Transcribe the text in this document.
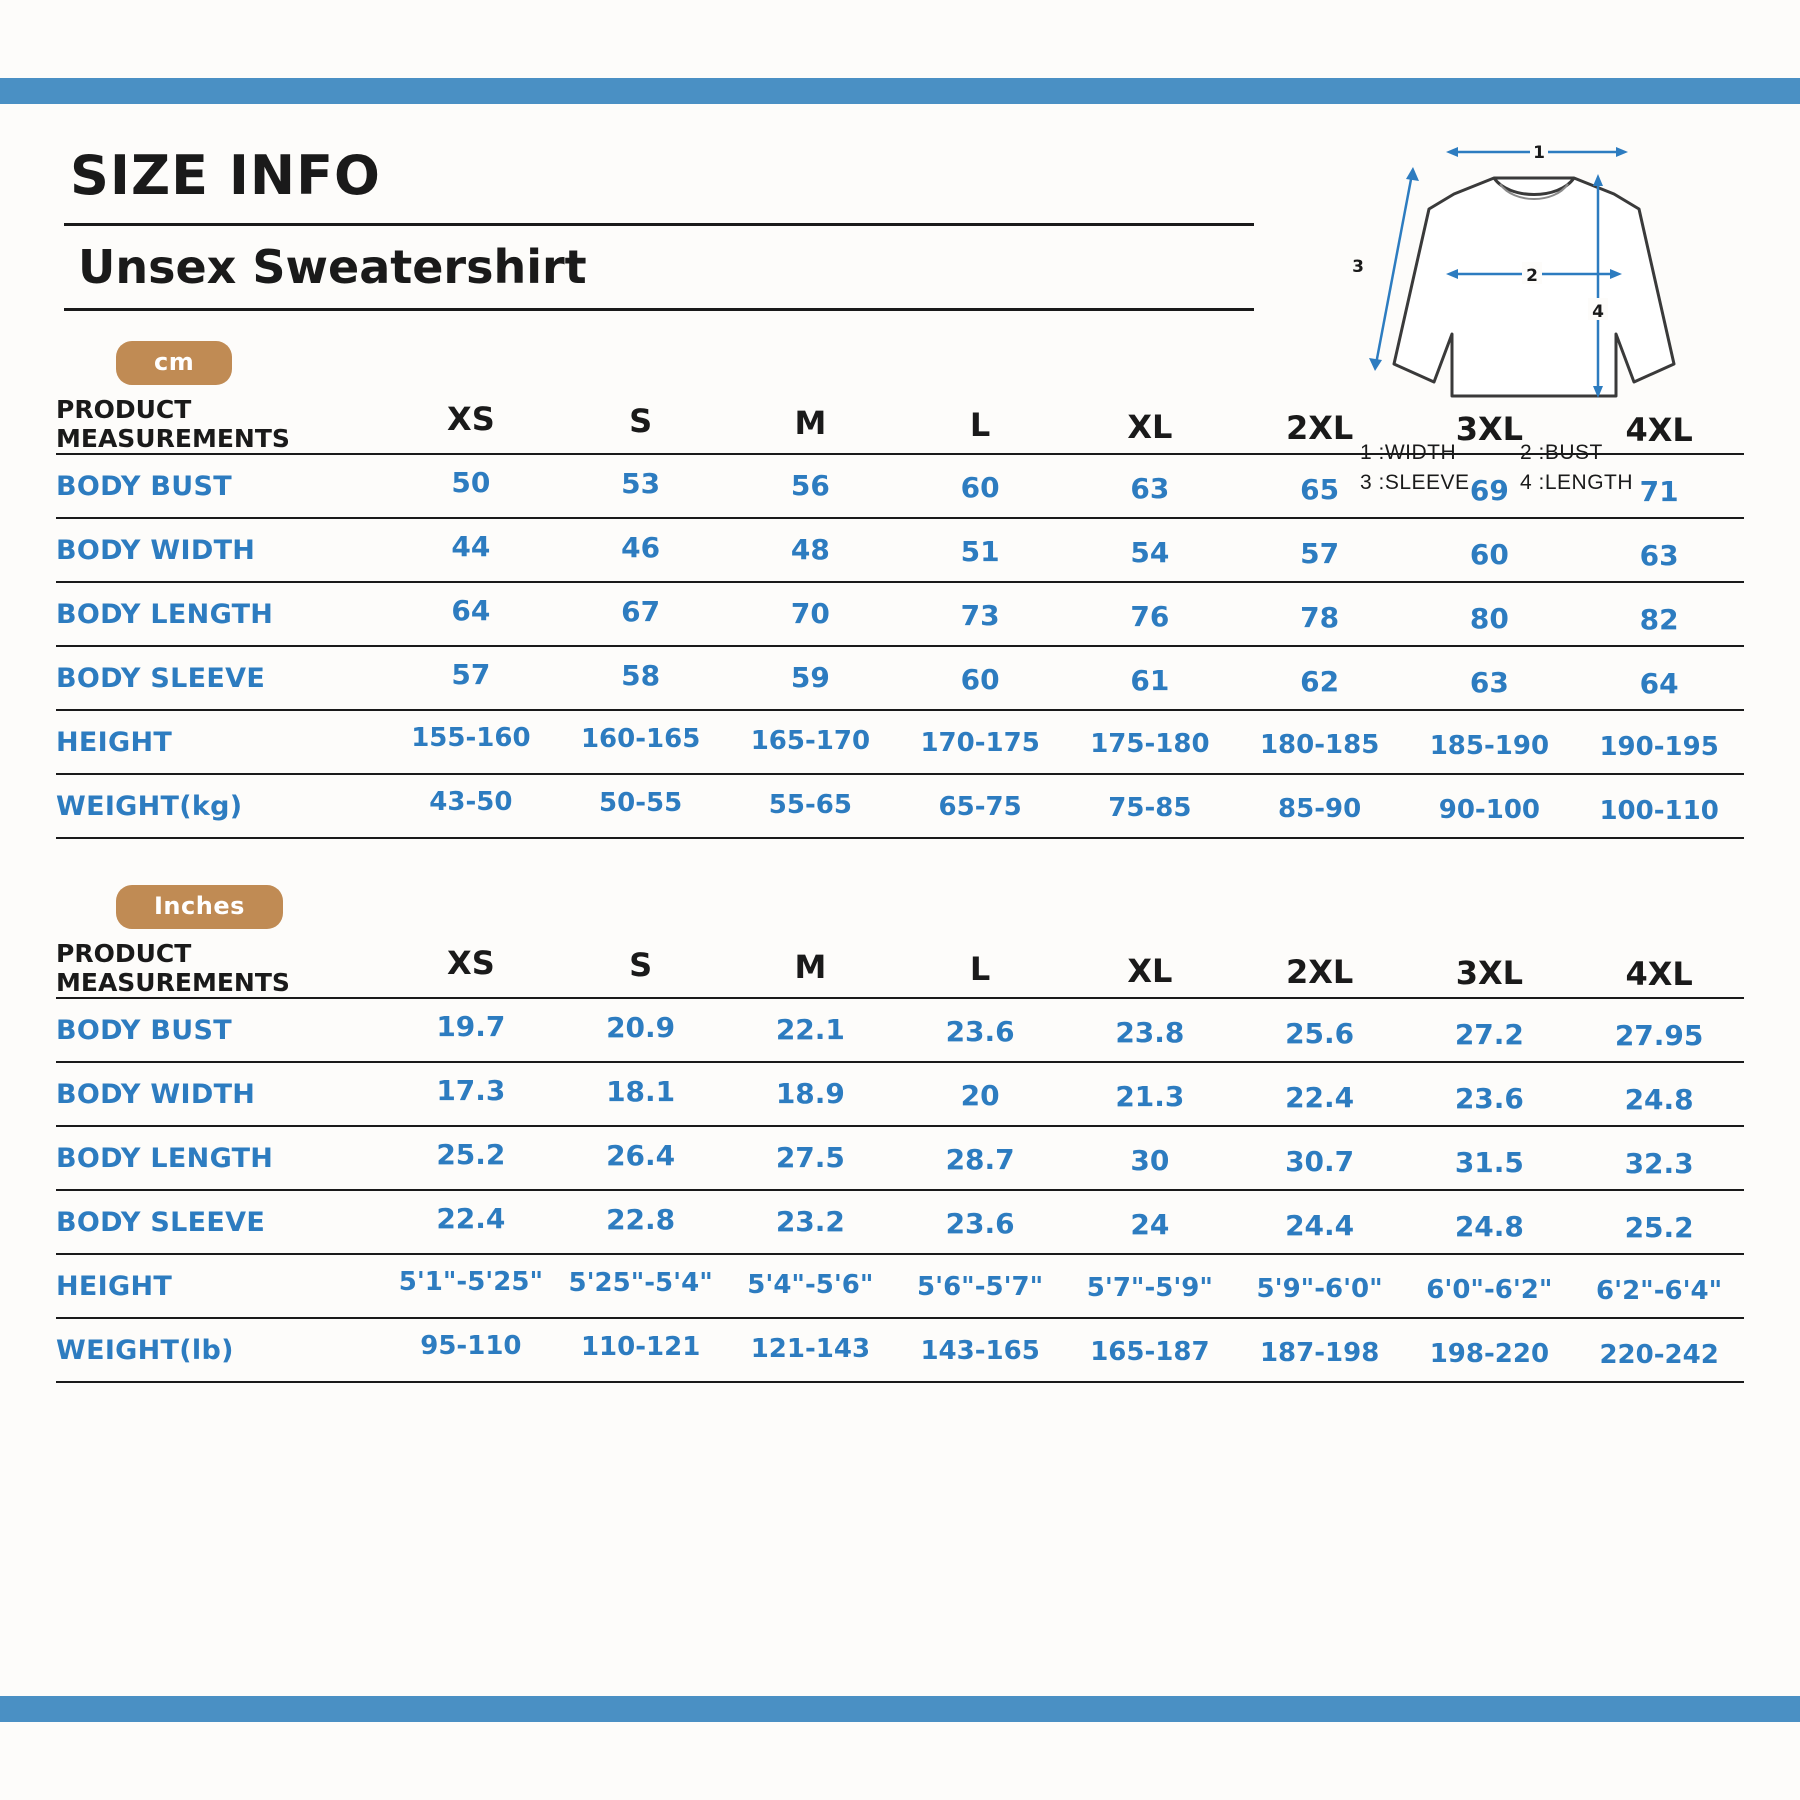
SIZE INFO
Unsex Sweatershirt
1
2
3
4
1 :WIDTH	2 :BUST
3 :SLEEVE	4 :LENGTH
cm
PRODUCT MEASUREMENTS	XS	S	M	L	XL	2XL	3XL	4XL
BODY BUST	50	53	56	60	63	65	69	71
BODY WIDTH	44	46	48	51	54	57	60	63
BODY LENGTH	64	67	70	73	76	78	80	82
BODY SLEEVE	57	58	59	60	61	62	63	64
HEIGHT	155-160	160-165	165-170	170-175	175-180	180-185	185-190	190-195
WEIGHT(kg)	43-50	50-55	55-65	65-75	75-85	85-90	90-100	100-110
Inches
PRODUCT MEASUREMENTS	XS	S	M	L	XL	2XL	3XL	4XL
BODY BUST	19.7	20.9	22.1	23.6	23.8	25.6	27.2	27.95
BODY WIDTH	17.3	18.1	18.9	20	21.3	22.4	23.6	24.8
BODY LENGTH	25.2	26.4	27.5	28.7	30	30.7	31.5	32.3
BODY SLEEVE	22.4	22.8	23.2	23.6	24	24.4	24.8	25.2
HEIGHT	5'1"-5'25"	5'25"-5'4"	5'4"-5'6"	5'6"-5'7"	5'7"-5'9"	5'9"-6'0"	6'0"-6'2"	6'2"-6'4"
WEIGHT(lb)	95-110	110-121	121-143	143-165	165-187	187-198	198-220	220-242
